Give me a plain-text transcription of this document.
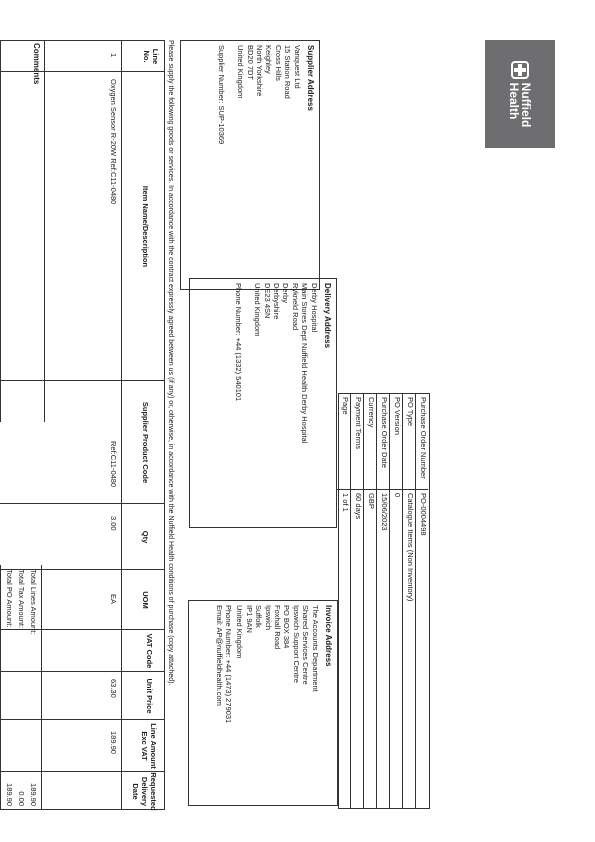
Nuffield
Health
Purchase Order Number
PO-0004498
PO Type
Catalogue Items (Non Inventory)
PO Version
0
Purchase Order Date
15/06/2023
Currency
GBP
Payment Terms
60 days
Page
1 of 1
Supplier Address
Vanquest Ltd
15 Station Road
Cross Hills
Keighley
North Yorkshire
BD20 7DT
United Kingdom
Supplier Number: SUP-10369
Delivery Address
Derby Hospital
Main Stores Dept Nuffield Health Derby Hospital
Rykneld Road
Derby
Derbyshire
DE23 4SN
United Kingdom
Phone Number: +44 (1332) 540101
Invoice Address
The Accounts Department
Shared Services Centre
Ipswich Support Centre
PO BOX 384
Foxhall Road
Ipswich
Suffolk
IP1 9AN
United Kingdom
Phone Number: +44 (1473) 279031
Email: AP@nuffieldhealth.com
Please supply the following goods or services. In accordance with the contract expressly agreed between us (if any) or, otherwise, in accordance with the Nuffield Health conditions of purchase (copy attached).
Line No.
Item Name/Description
Supplier Product Code
Qty
UOM
VAT Code
Unit Price
Line Amount Exc VAT
Requested Delivery Date
1
Oxygen Sensor R-20W Ref:C11-0480
Ref:C11-0480
3.00
EA
63.30
189.90
Comments
Total Lines Amount:
189.90
Total Tax Amount:
0.00
Total PO Amount:
189.90
